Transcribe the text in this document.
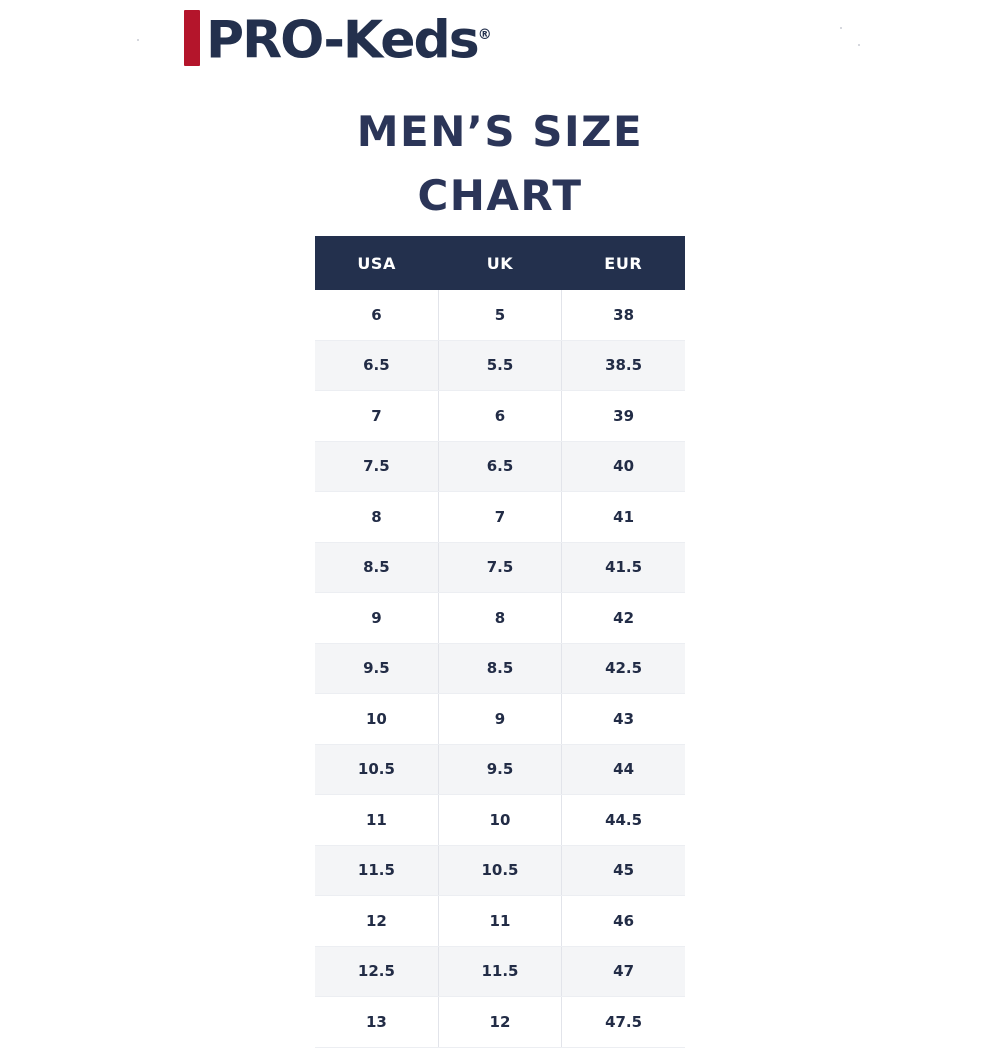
PRO-Keds®
MEN’S SIZE
CHART
USA	UK	EUR
6	5	38
6.5	5.5	38.5
7	6	39
7.5	6.5	40
8	7	41
8.5	7.5	41.5
9	8	42
9.5	8.5	42.5
10	9	43
10.5	9.5	44
11	10	44.5
11.5	10.5	45
12	11	46
12.5	11.5	47
13	12	47.5
